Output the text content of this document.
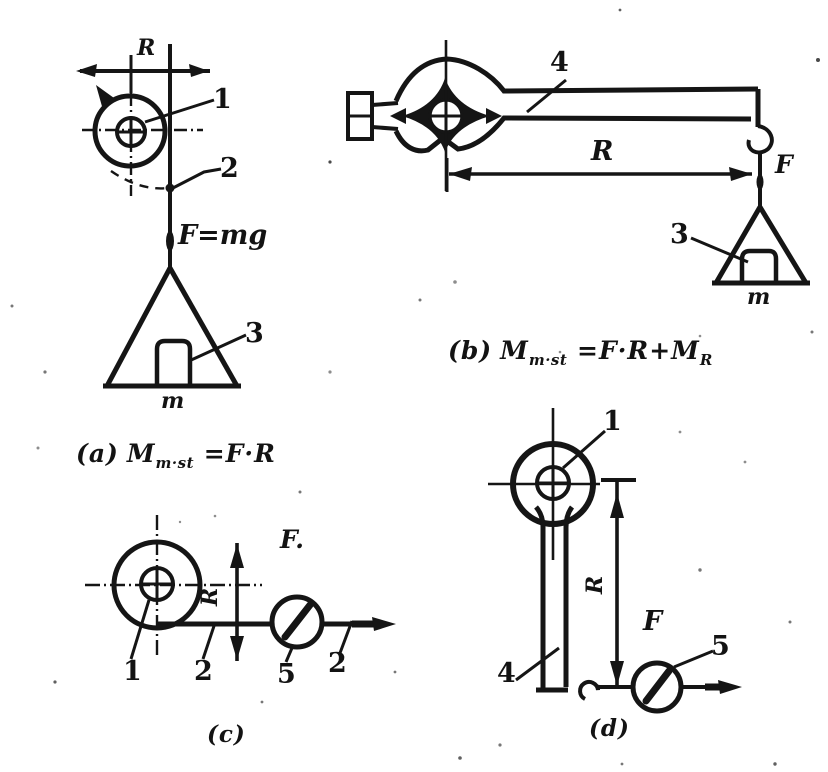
R
1
2
F=mg
3
m
(a) $M_{m\cdot st} =F\cdot R$
4
R	F
3
m
(b) $M_{m\cdot st} =F\cdot R+M_R$
F.
R
1 2 5 2
(c)
1
R
F
5
4
(d)
